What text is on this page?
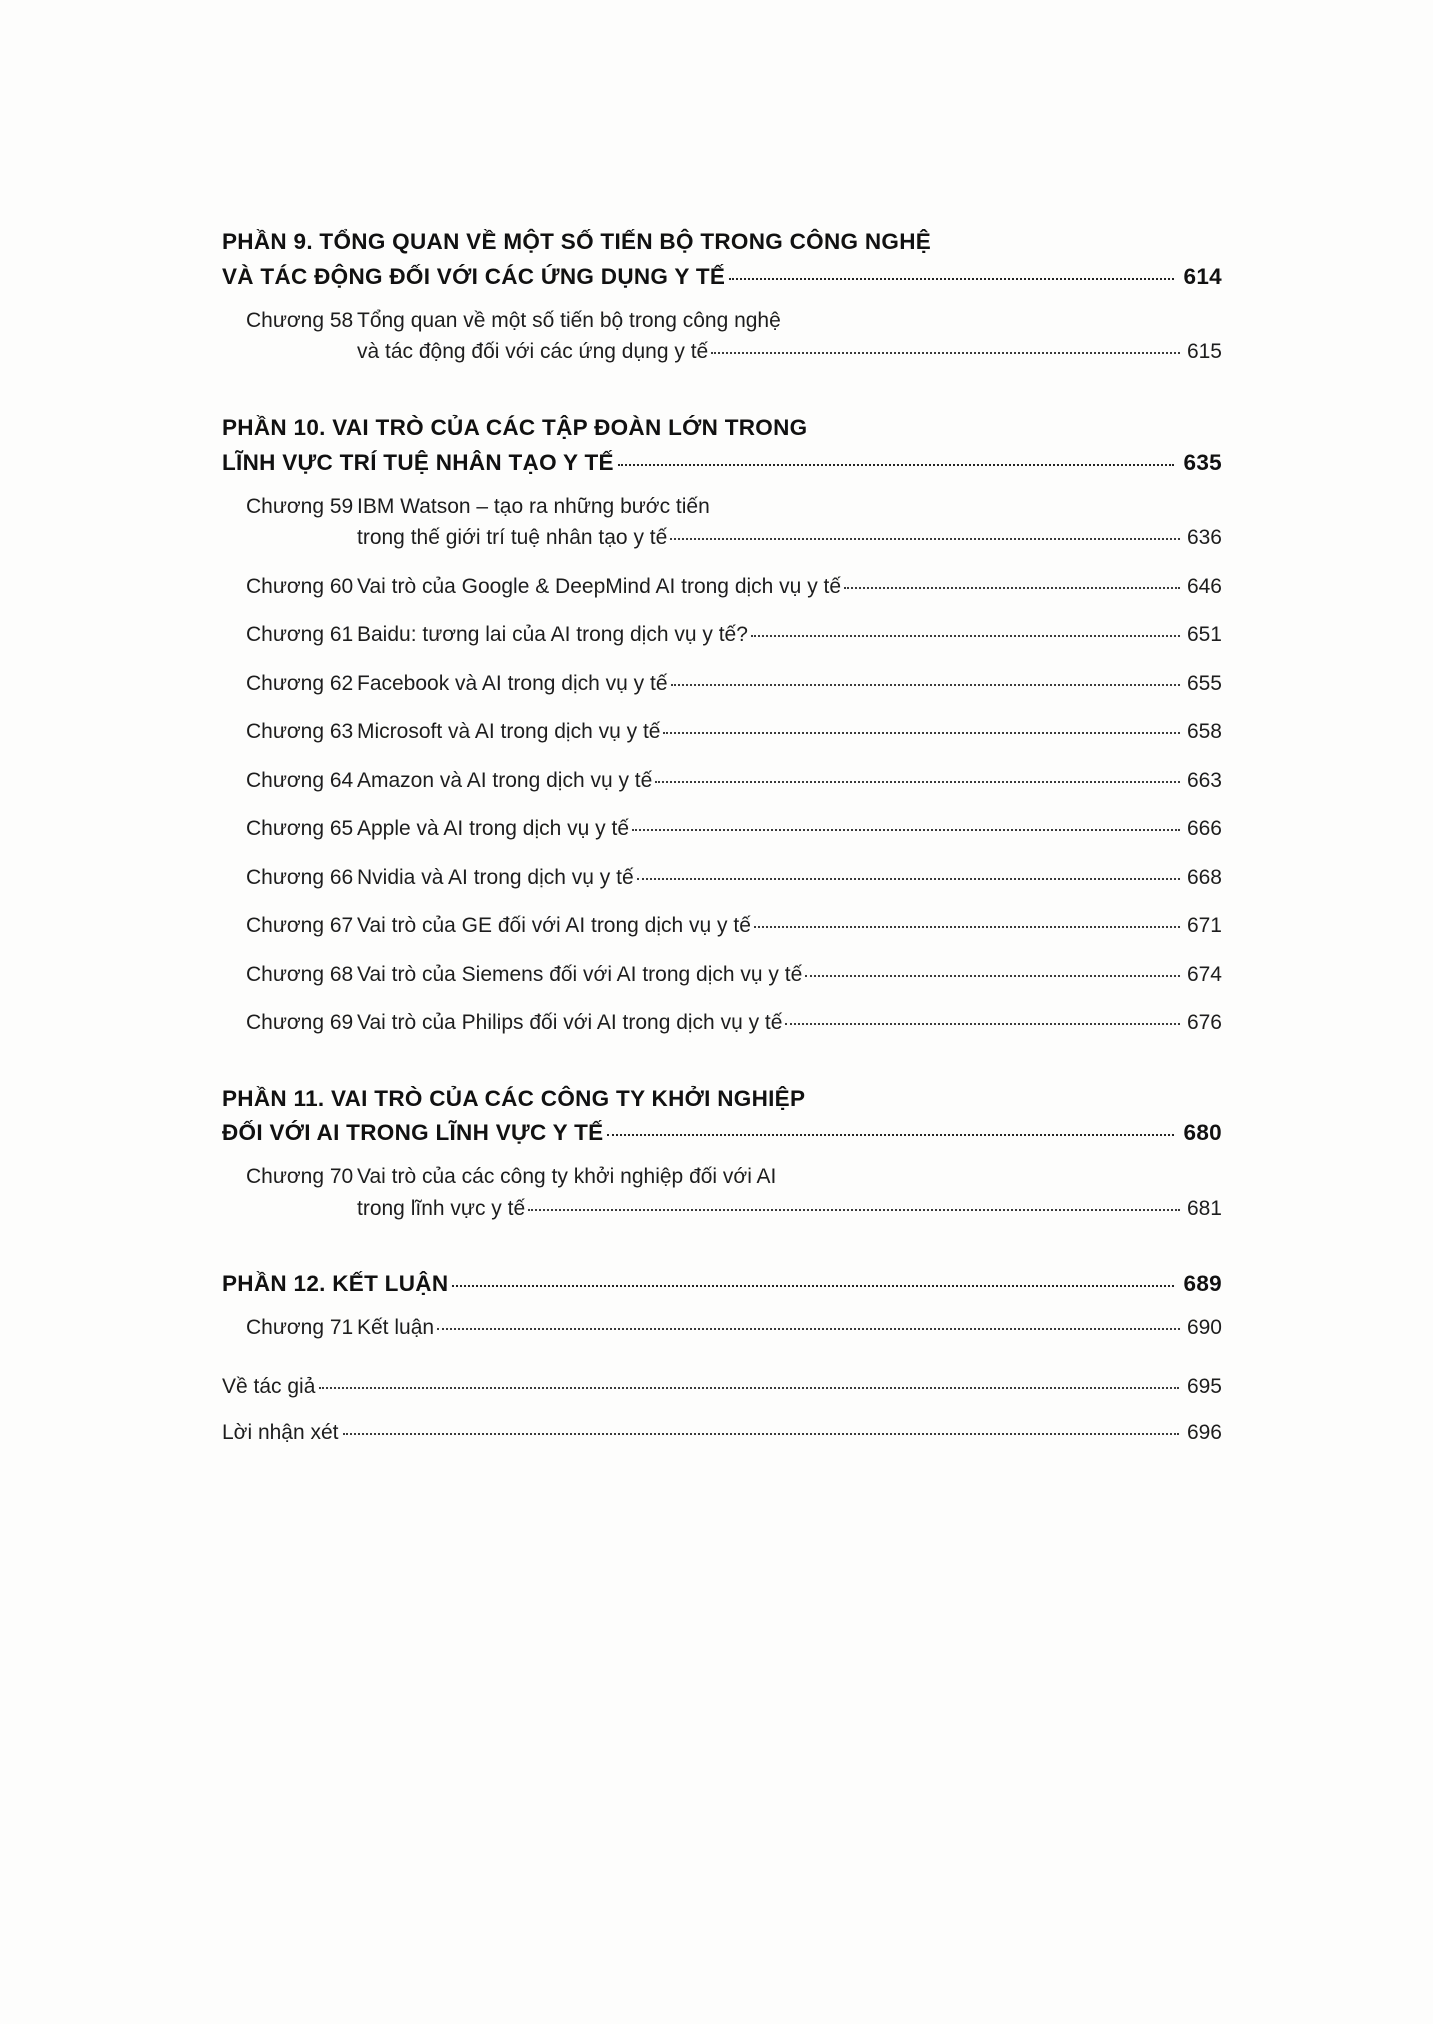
PHẦN 9. TỔNG QUAN VỀ MỘT SỐ TIẾN BỘ TRONG CÔNG NGHỆ
VÀ TÁC ĐỘNG ĐỐI VỚI CÁC ỨNG DỤNG Y TẾ	614
Chương 58 Tổng quan về một số tiến bộ trong công nghệ
và tác động đối với các ứng dụng y tế	615
PHẦN 10. VAI TRÒ CỦA CÁC TẬP ĐOÀN LỚN TRONG
LĨNH VỰC TRÍ TUỆ NHÂN TẠO Y TẾ	635
Chương 59 IBM Watson – tạo ra những bước tiến
trong thế giới trí tuệ nhân tạo y tế	636
Chương 60 Vai trò của Google & DeepMind AI trong dịch vụ y tế	646
Chương 61 Baidu: tương lai của AI trong dịch vụ y tế?	651
Chương 62 Facebook và AI trong dịch vụ y tế	655
Chương 63 Microsoft và AI trong dịch vụ y tế	658
Chương 64 Amazon và AI trong dịch vụ y tế	663
Chương 65 Apple và AI trong dịch vụ y tế	666
Chương 66 Nvidia và AI trong dịch vụ y tế	668
Chương 67 Vai trò của GE đối với AI trong dịch vụ y tế	671
Chương 68 Vai trò của Siemens đối với AI trong dịch vụ y tế	674
Chương 69 Vai trò của Philips đối với AI trong dịch vụ y tế	676
PHẦN 11. VAI TRÒ CỦA CÁC CÔNG TY KHỞI NGHIỆP
ĐỐI VỚI AI TRONG LĨNH VỰC Y TẾ	680
Chương 70 Vai trò của các công ty khởi nghiệp đối với AI
trong lĩnh vực y tế	681
PHẦN 12. KẾT LUẬN	689
Chương 71 Kết luận	690
Về tác giả	695
Lời nhận xét	696
